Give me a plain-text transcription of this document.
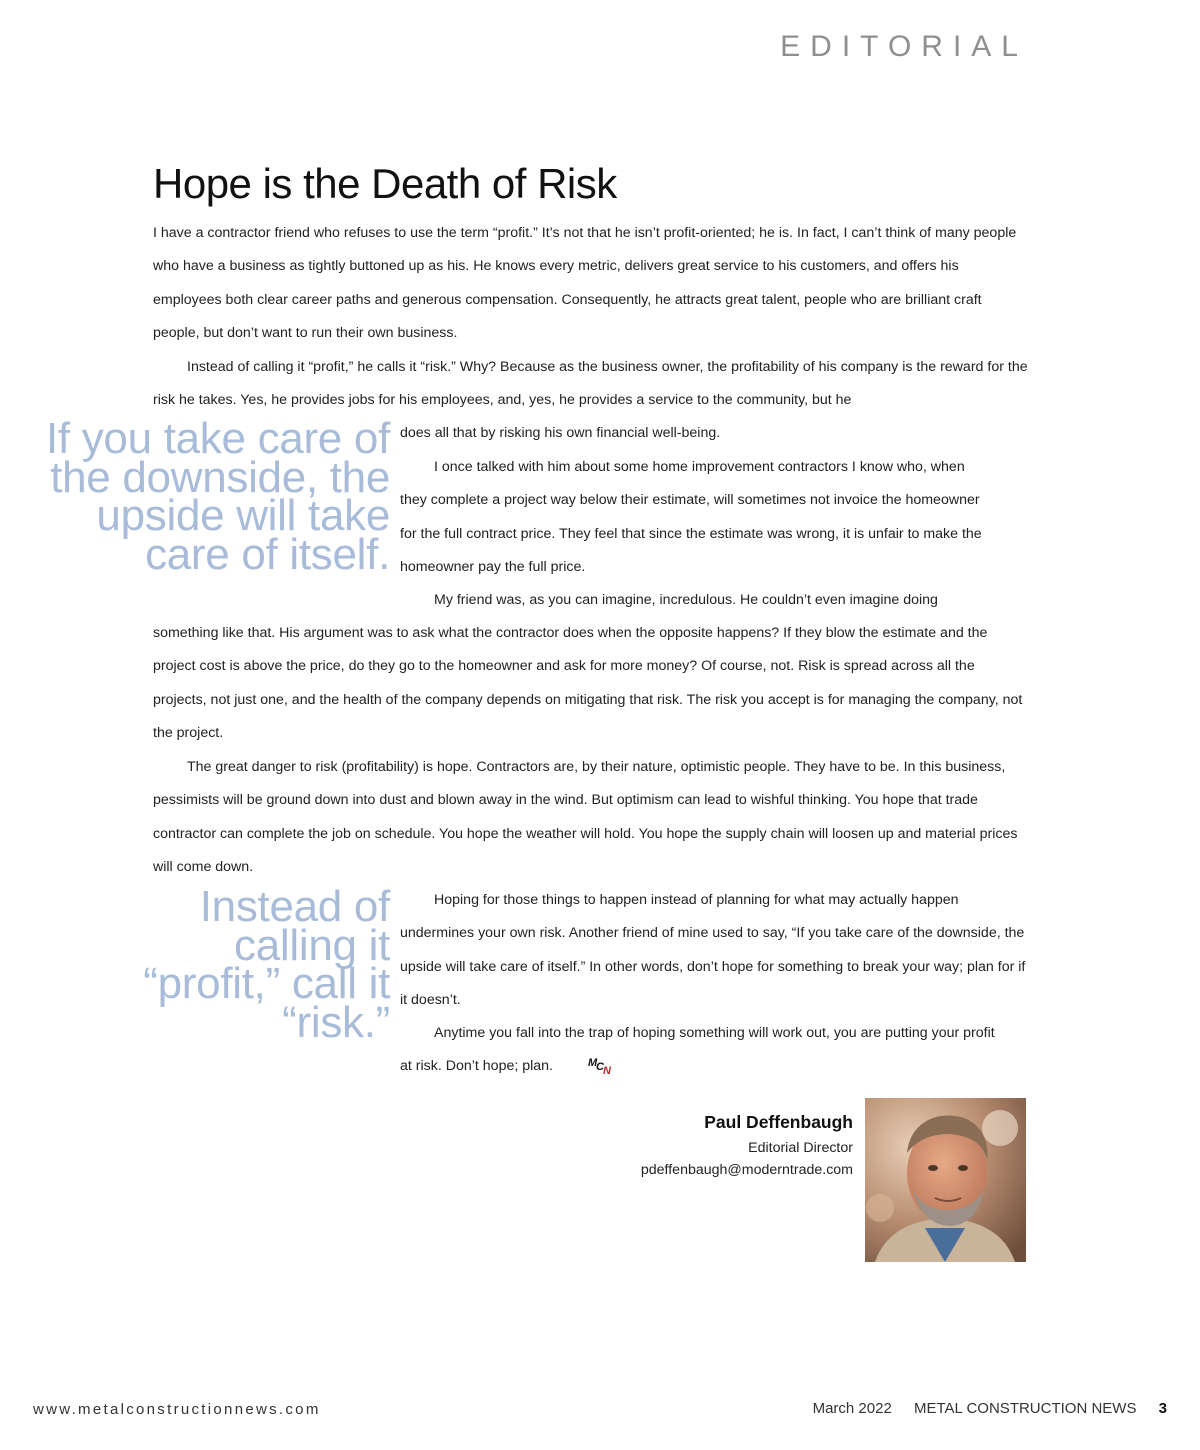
EDITORIAL
Hope is the Death of Risk

I have a contractor friend who refuses to use the term “profit.” It’s not that he isn’t profit-oriented; he is. In fact, I can’t think of many people who have a business as tightly buttoned up as his. He knows every metric, delivers great service to his customers, and offers his employees both clear career paths and generous compensation. Consequently, he attracts great talent, people who are brilliant craft people, but don’t want to run their own business.

Instead of calling it “profit,” he calls it “risk.” Why? Because as the business owner, the profitability of his company is the reward for the risk he takes. Yes, he provides jobs for his employees, and, yes, he provides a service to the community, but he

does all that by risking his own financial well-being.

I once talked with him about some home improvement contractors I know who, when they complete a project way below their estimate, will sometimes not invoice the homeowner for the full contract price. They feel that since the estimate was wrong, it is unfair to make the homeowner pay the full price.

My friend was, as you can imagine, incredulous. He couldn’t even imagine doing

something like that. His argument was to ask what the contractor does when the opposite happens? If they blow the estimate and the project cost is above the price, do they go to the homeowner and ask for more money? Of course, not. Risk is spread across all the projects, not just one, and the health of the company depends on mitigating that risk. The risk you accept is for managing the company, not the project.

The great danger to risk (profitability) is hope. Contractors are, by their nature, optimistic people. They have to be. In this business, pessimists will be ground down into dust and blown away in the wind. But optimism can lead to wishful thinking. You hope that trade contractor can complete the job on schedule. You hope the weather will hold. You hope the supply chain will loosen up and material prices will come down.

Hoping for those things to happen instead of planning for what may actually happen undermines your own risk. Another friend of mine used to say, “If you take care of the downside, the upside will take care of itself.” In other words, don’t hope for something to break your way; plan for if it doesn’t.

Anytime you fall into the trap of hoping something will work out, you are putting your profit at risk. Don’t hope; plan.	M
C N

If you take care of the downside, the upside will take care of itself.

Instead of calling it “profit,” call it “risk.”

Paul Deffenbaugh

Editorial Director

pdeffenbaugh@moderntrade.com

www.metalconstructionnews.com	March 2022 METAL CONSTRUCTION NEWS 3
